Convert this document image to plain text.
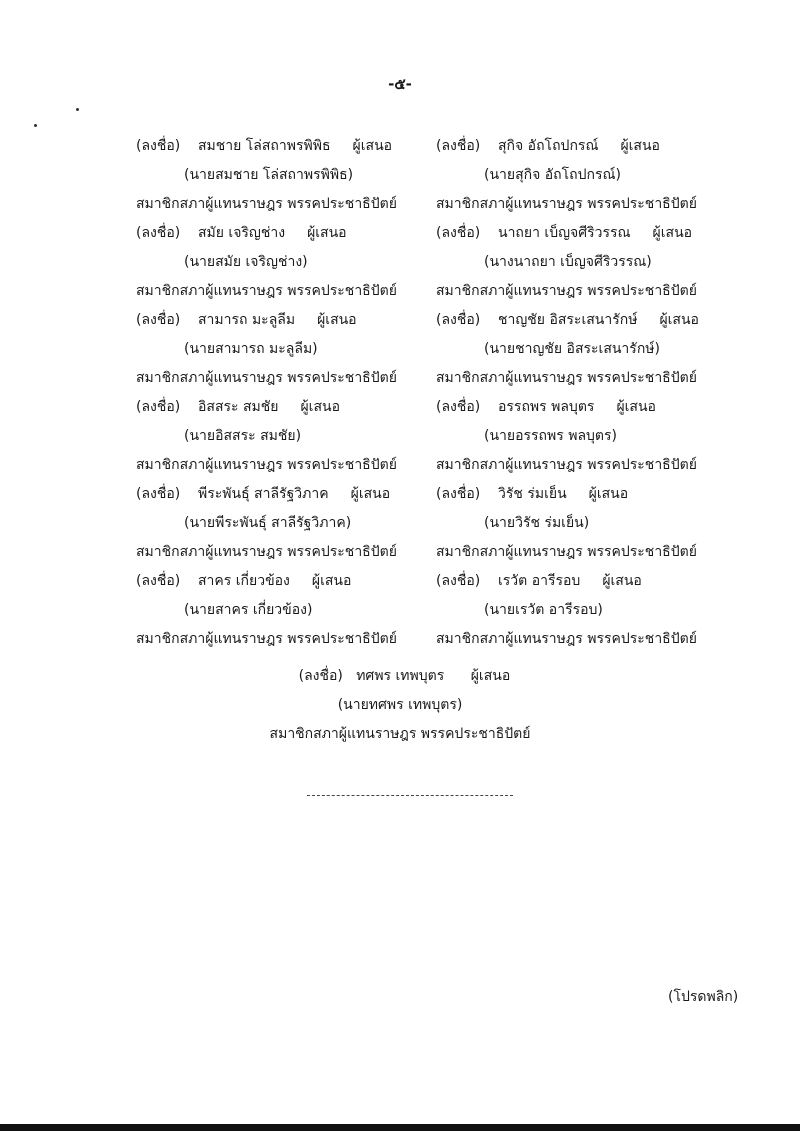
-๕-
(ลงชื่อ) สมชาย โล่สถาพรพิพิธ ผู้เสนอ
(นายสมชาย โล่สถาพรพิพิธ)
สมาชิกสภาผู้แทนราษฎร พรรคประชาธิปัตย์
(ลงชื่อ) สมัย เจริญช่าง ผู้เสนอ
(นายสมัย เจริญช่าง)
สมาชิกสภาผู้แทนราษฎร พรรคประชาธิปัตย์
(ลงชื่อ) สามารถ มะลูลีม ผู้เสนอ
(นายสามารถ มะลูลีม)
สมาชิกสภาผู้แทนราษฎร พรรคประชาธิปัตย์
(ลงชื่อ) อิสสระ สมชัย ผู้เสนอ
(นายอิสสระ สมชัย)
สมาชิกสภาผู้แทนราษฎร พรรคประชาธิปัตย์
(ลงชื่อ) พีระพันธุ์ สาลีรัฐวิภาค ผู้เสนอ
(นายพีระพันธุ์ สาลีรัฐวิภาค)
สมาชิกสภาผู้แทนราษฎร พรรคประชาธิปัตย์
(ลงชื่อ) สาคร เกี่ยวข้อง ผู้เสนอ
(นายสาคร เกี่ยวข้อง)
สมาชิกสภาผู้แทนราษฎร พรรคประชาธิปัตย์
(ลงชื่อ) สุกิจ อัถโถปกรณ์ ผู้เสนอ
(นายสุกิจ อัถโถปกรณ์)
สมาชิกสภาผู้แทนราษฎร พรรคประชาธิปัตย์
(ลงชื่อ) นาถยา เบ็ญจศีริวรรณ ผู้เสนอ
(นางนาถยา เบ็ญจศีริวรรณ)
สมาชิกสภาผู้แทนราษฎร พรรคประชาธิปัตย์
(ลงชื่อ) ชาญชัย อิสระเสนารักษ์ ผู้เสนอ
(นายชาญชัย อิสระเสนารักษ์)
สมาชิกสภาผู้แทนราษฎร พรรคประชาธิปัตย์
(ลงชื่อ) อรรถพร พลบุตร ผู้เสนอ
(นายอรรถพร พลบุตร)
สมาชิกสภาผู้แทนราษฎร พรรคประชาธิปัตย์
(ลงชื่อ) วิรัช ร่มเย็น ผู้เสนอ
(นายวิรัช ร่มเย็น)
สมาชิกสภาผู้แทนราษฎร พรรคประชาธิปัตย์
(ลงชื่อ) เรวัต อารีรอบ ผู้เสนอ
(นายเรวัต อารีรอบ)
สมาชิกสภาผู้แทนราษฎร พรรคประชาธิปัตย์
(ลงชื่อ) ทศพร เทพบุตร ผู้เสนอ
(นายทศพร เทพบุตร)
สมาชิกสภาผู้แทนราษฎร พรรคประชาธิปัตย์
(โปรดพลิก)
